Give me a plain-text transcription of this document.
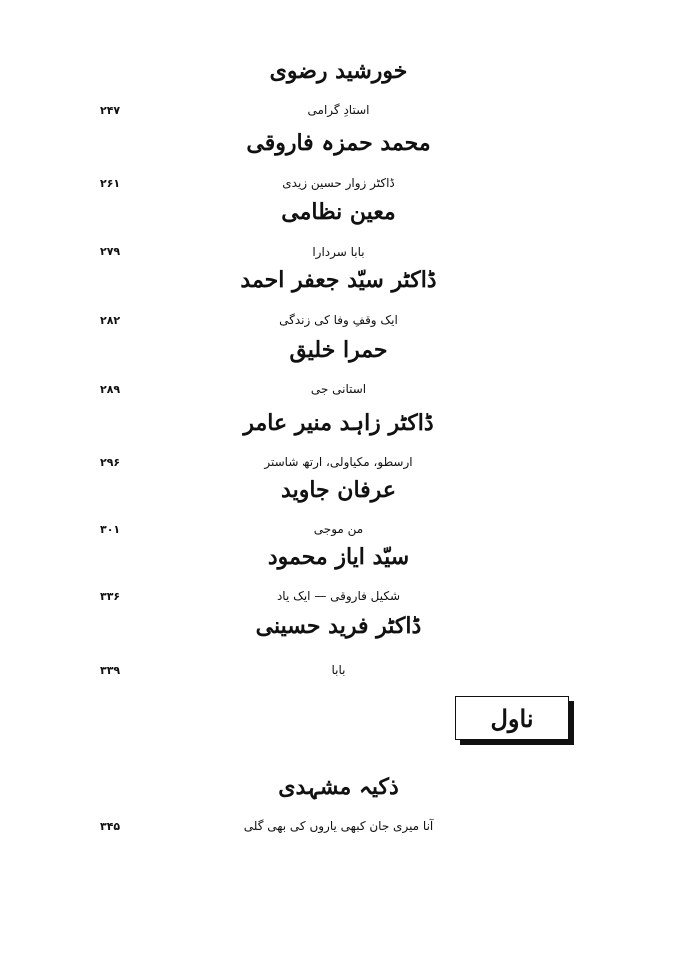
خورشید رضوی
استادِ گرامی
۲۴۷
محمد حمزہ فاروقی
ڈاکٹر زوار حسین زیدی
۲۶۱
معین نظامی
بابا سردارا
۲۷۹
ڈاکٹر سیّد جعفر احمد
ایک وقفِ وفا کی زندگی
۲۸۲
حمرا خلیق
استانی جی
۲۸۹
ڈاکٹر زاہد منیر عامر
ارسطو، مکیاولی، ارتھ شاستر
۲۹۶
عرفان جاوید
من موجی
۳۰۱
سیّد ایاز محمود
شکیل فاروقی — ایک یاد
۳۳۶
ڈاکٹر فرید حسینی
بابا
۳۳۹
ناول
ذکیہ مشہدی
آنا میری جان کبھی یاروں کی بھی گلی
۳۴۵
